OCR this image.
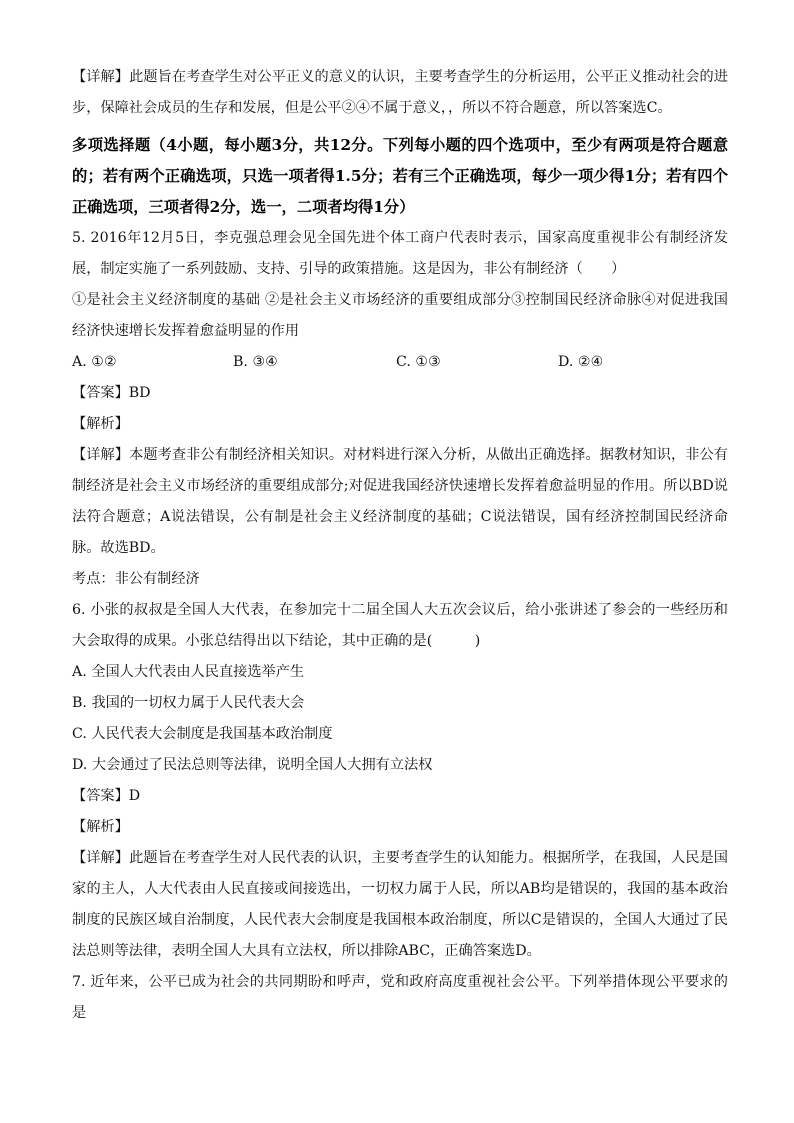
【详解】此题旨在考查学生对公平正义的意义的认识，主要考查学生的分析运用，公平正义推动社会的进步，保障社会成员的生存和发展，但是公平②④不属于意义，，所以不符合题意，所以答案选C。

多项选择题（4小题，每小题3分，共12分。下列每小题的四个选项中，至少有两项是符合题意的；若有两个正确选项，只选一项者得1.5分；若有三个正确选项，每少一项少得1分；若有四个正确选项，三项者得2分，选一，二项者均得1分）

5. 2016年12月5日，李克强总理会见全国先进个体工商户代表时表示，国家高度重视非公有制经济发展，制定实施了一系列鼓励、支持、引导的政策措施。这是因为，非公有制经济（　　）

①是社会主义经济制度的基础 ②是社会主义市场经济的重要组成部分③控制国民经济命脉④对促进我国经济快速增长发挥着愈益明显的作用

A. ①②	B. ③④	C. ①③	D. ②④

【答案】BD

【解析】

【详解】本题考查非公有制经济相关知识。对材料进行深入分析，从做出正确选择。据教材知识，非公有制经济是社会主义市场经济的重要组成部分;对促进我国经济快速增长发挥着愈益明显的作用。所以BD说法符合题意；A说法错误，公有制是社会主义经济制度的基础；C说法错误，国有经济控制国民经济命脉。故选BD。

考点：非公有制经济

6. 小张的叔叔是全国人大代表，在参加完十二届全国人大五次会议后，给小张讲述了参会的一些经历和大会取得的成果。小张总结得出以下结论，其中正确的是(　　　)

A. 全国人大代表由人民直接选举产生

B. 我国的一切权力属于人民代表大会

C. 人民代表大会制度是我国基本政治制度

D. 大会通过了民法总则等法律，说明全国人大拥有立法权

【答案】D

【解析】

【详解】此题旨在考查学生对人民代表的认识，主要考查学生的认知能力。根据所学，在我国，人民是国家的主人，人大代表由人民直接或间接选出，一切权力属于人民，所以AB均是错误的，我国的基本政治制度的民族区域自治制度，人民代表大会制度是我国根本政治制度，所以C是错误的，全国人大通过了民法总则等法律，表明全国人大具有立法权，所以排除ABC，正确答案选D。

7. 近年来，公平已成为社会的共同期盼和呼声，党和政府高度重视社会公平。下列举措体现公平要求的是
